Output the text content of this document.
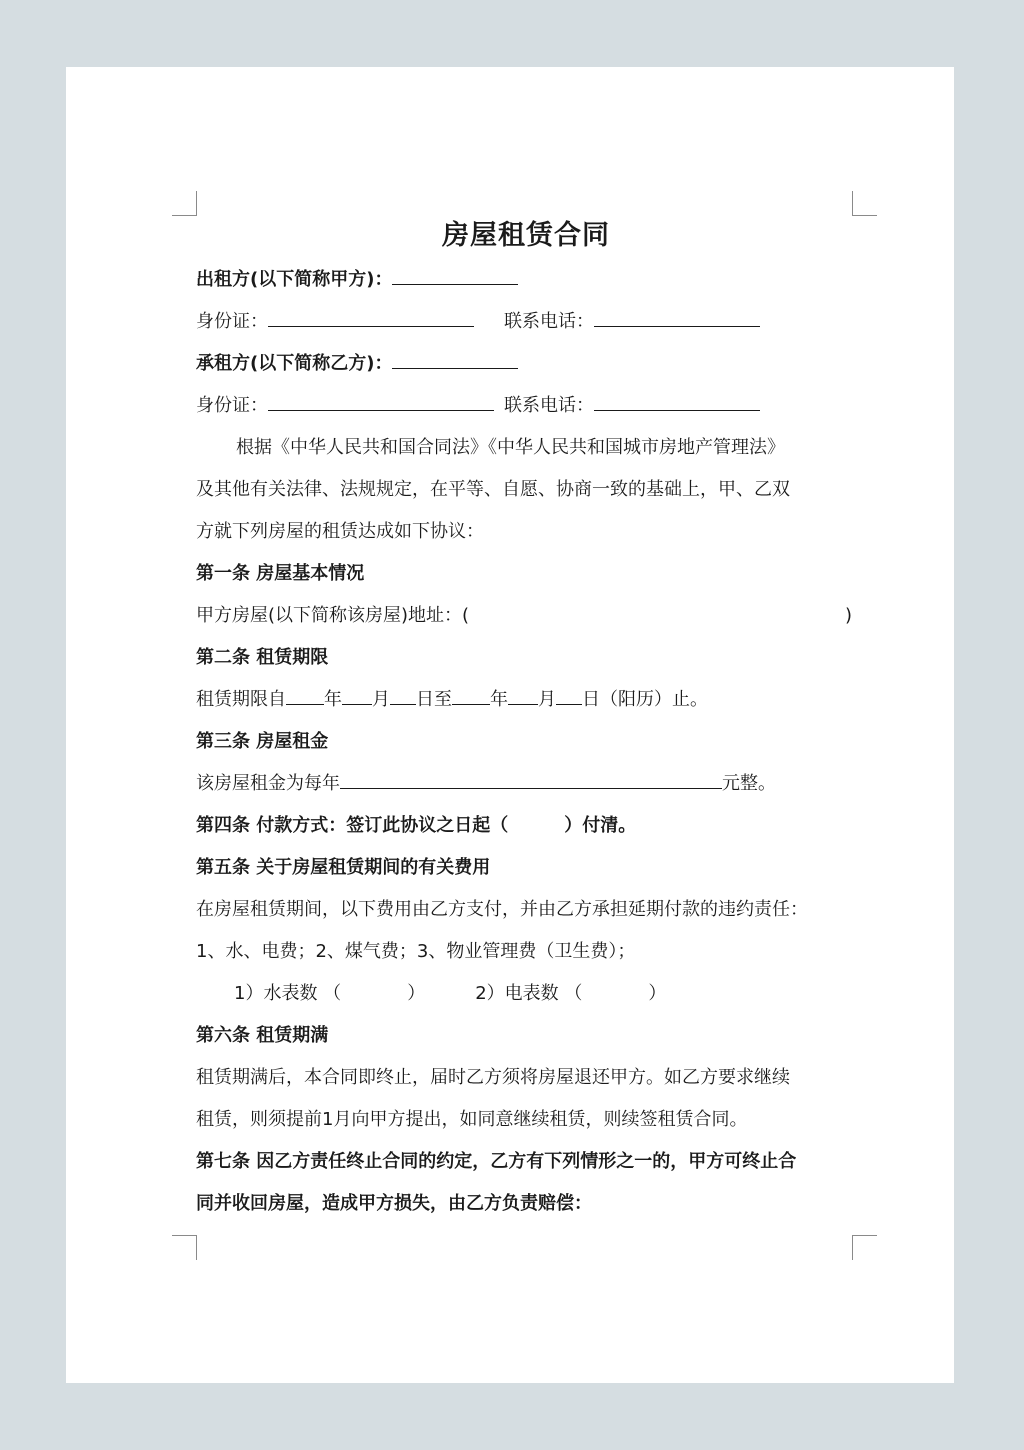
房屋租赁合同
出租方(以下简称甲方)：
身份证：	联系电话：
承租方(以下简称乙方)：
身份证：	联系电话：
根据《中华人民共和国合同法》《中华人民共和国城市房地产管理法》
及其他有关法律、法规规定，在平等、自愿、协商一致的基础上，甲、乙双
方就下列房屋的租赁达成如下协议：
第一条 房屋基本情况
甲方房屋(以下简称该房屋)地址：(	)
第二条 租赁期限
租赁期限自 年 月 日至 年 月 日（阳历）止。
第三条 房屋租金
该房屋租金为每年	元整。
第四条 付款方式：签订此协议之日起（	）付清。
第五条 关于房屋租赁期间的有关费用
在房屋租赁期间，以下费用由乙方支付，并由乙方承担延期付款的违约责任：
1、水、电费；2、煤气费；3、物业管理费（卫生费）；
1）水表数 （	）	2）电表数 （	）
第六条 租赁期满
租赁期满后，本合同即终止，届时乙方须将房屋退还甲方。如乙方要求继续
租赁，则须提前1月向甲方提出，如同意继续租赁，则续签租赁合同。
第七条 因乙方责任终止合同的约定，乙方有下列情形之一的，甲方可终止合
同并收回房屋，造成甲方损失，由乙方负责赔偿：
